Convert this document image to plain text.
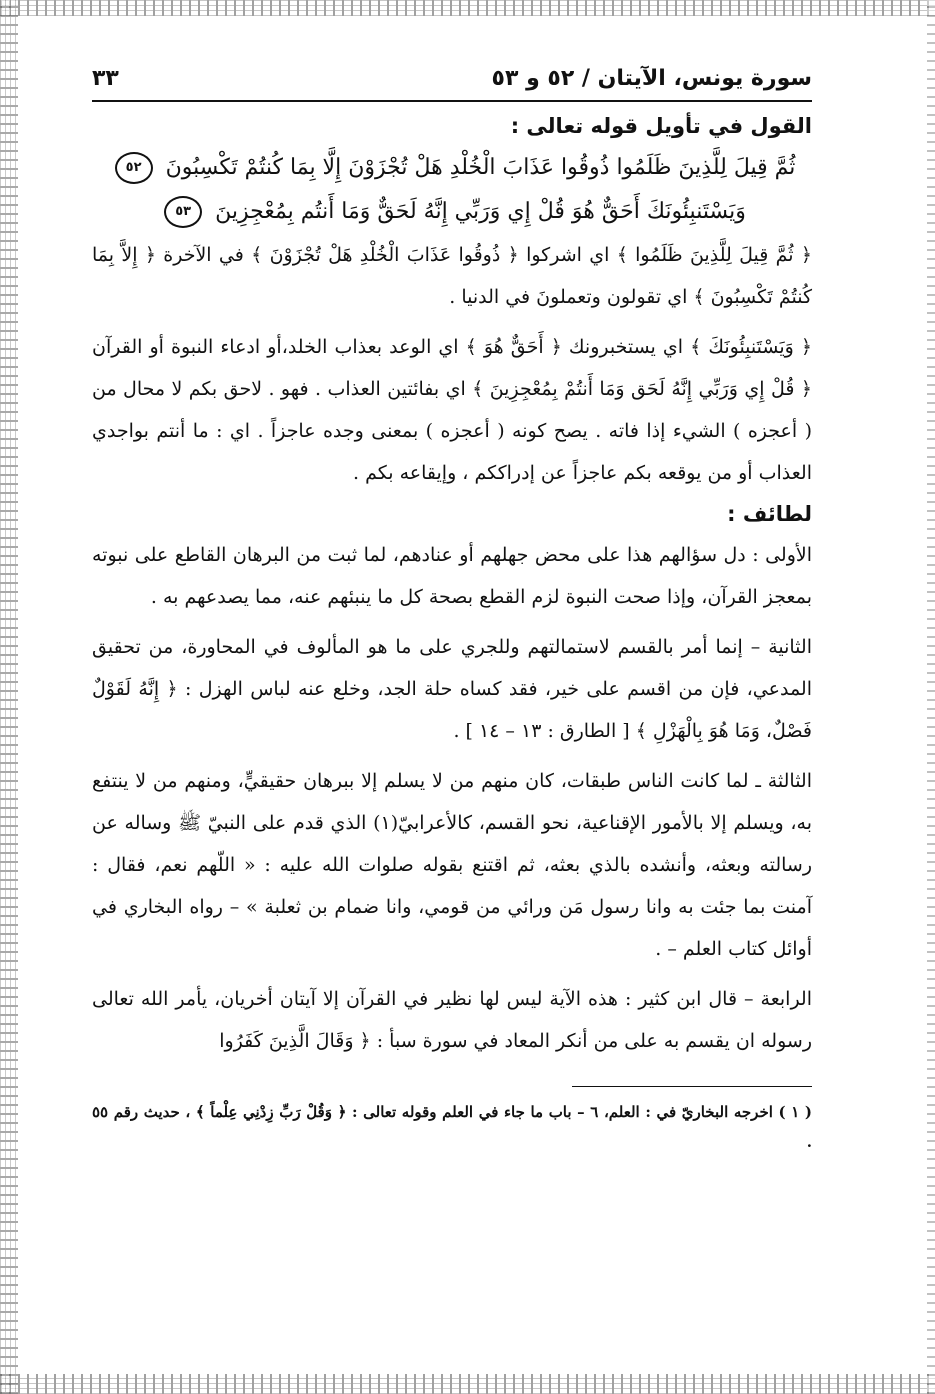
سورة يونس، الآيتان / ٥٢ و ٥٣
٣٣
القول في تأويل قوله تعالى :
ثُمَّ قِيلَ لِلَّذِينَ ظَلَمُوا ذُوقُوا عَذَابَ الْخُلْدِ هَلْ تُجْزَوْنَ إِلَّا بِمَا كُنتُمْ تَكْسِبُونَ ٥٢
وَيَسْتَنبِئُونَكَ أَحَقٌّ هُوَ قُلْ إِي وَرَبِّي إِنَّهُ لَحَقٌّ وَمَا أَنتُم بِمُعْجِزِينَ ٥٣

﴿ ثُمَّ قِيلَ لِلَّذِينَ ظَلَمُوا ﴾ اي اشركوا ﴿ ذُوقُوا عَذَابَ الْخُلْدِ هَلْ تُجْزَوْنَ ﴾ في الآخرة ﴿ إِلاَّ بِمَا كُنتُمْ تَكْسِبُونَ ﴾ اي تقولون وتعملونَ في الدنيا .

﴿ وَيَسْتَنبِئُونَكَ ﴾ اي يستخبرونك ﴿ أَحَقٌّ هُوَ ﴾ اي الوعد بعذاب الخلد،أو ادعاء النبوة أو القرآن ﴿ قُلْ إِي وَرَبِّي إِنَّهُ لَحَق وَمَا أَنتُمْ بِمُعْجِزِينَ ﴾ اي بفائتين العذاب . فهو . لاحق بكم لا محال من ( أعجزه ) الشيء إذا فاته . يصح كونه ( أعجزه ) بمعنى وجده عاجزاً . اي : ما أنتم بواجدي العذاب أو من يوقعه بكم عاجزاً عن إدراككم ، وإيقاعه بكم .

لطائف :

الأولى : دل سؤالهم هذا على محض جهلهم أو عنادهم، لما ثبت من البرهان القاطع على نبوته بمعجز القرآن، وإذا صحت النبوة لزم القطع بصحة كل ما ينبئهم عنه، مما يصدعهم به .

الثانية – إنما أمر بالقسم لاستمالتهم وللجري على ما هو المألوف في المحاورة، من تحقيق المدعي، فإن من اقسم على خير، فقد كساه حلة الجد، وخلع عنه لباس الهزل : ﴿ إِنَّهُ لَقَوْلٌ فَصْلٌ، وَمَا هُوَ بِالْهَزْلِ ﴾ [ الطارق : ١٣ – ١٤ ] .

الثالثة ـ لما كانت الناس طبقات، كان منهم من لا يسلم إلا ببرهان حقيقيٍّ، ومنهم من لا ينتفع به، ويسلم إلا بالأمور الإقناعية، نحو القسم، كالأعرابيّ(١) الذي قدم على النبيّ ﷺ وساله عن رسالته وبعثه، وأنشده بالذي بعثه، ثم اقتنع بقوله صلوات الله عليه : « اللّهم نعم، فقال : آمنت بما جئت به وانا رسول مَن ورائي من قومي، وانا ضمام بن ثعلبة » – رواه البخاري في أوائل كتاب العلم – .

الرابعة – قال ابن كثير : هذه الآية ليس لها نظير في القرآن إلا آيتان أخريان، يأمر الله تعالى رسوله ان يقسم به على من أنكر المعاد في سورة سبأ : ﴿ وَقَالَ الَّذِينَ كَفَرُوا

( ١ ) اخرجه البخاريّ في : العلم، ٦ – باب ما جاء في العلم وقوله تعالى : ﴿ وَقُلْ رَبِّ زِدْنِي عِلْماً ﴾ ، حديث رقم ٥٥ .
